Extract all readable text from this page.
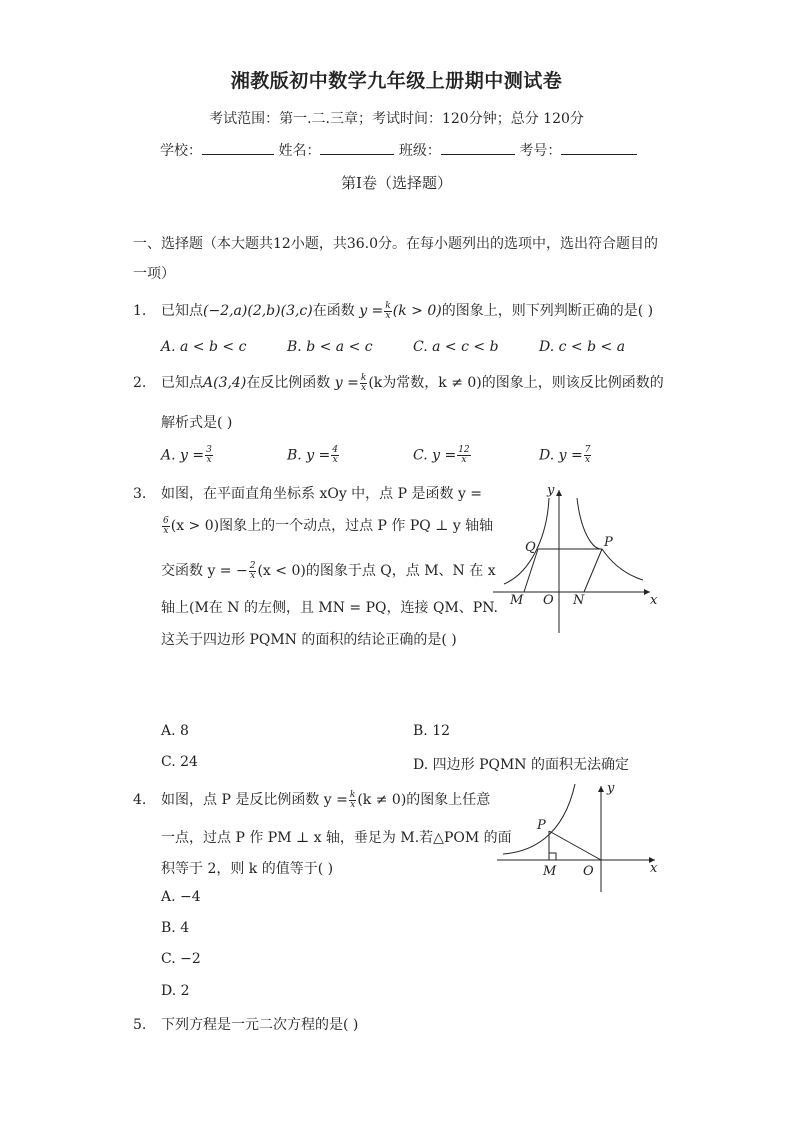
湘教版初中数学九年级上册期中测试卷
考试范围：第一.二.三章；考试时间：120分钟；总分 120分
学校：	姓名：	班级：	考号：
第Ⅰ卷（选择题）
一、选择题（本大题共12小题，共36.0分。在每小题列出的选项中，选出符合题目的
一项）
1. 已知点(−2,a)(2,b)(3,c)在函数 $y = \frac{k}{x} (k > 0)$的图象上，则下列判断正确的是( )
A. a < b < c	B. b < a < c	C. a < c < b	D. c < b < a
2. 已知点A(3,4)在反比例函数 $y = \frac{k}{x} (k$为常数，k ≠ 0)的图象上，则该反比例函数的
解析式是( )
A. $y = \frac{3}{x}$	B. $y = \frac{4}{x}$	C. $y = \frac{12}{x}$	D. $y = \frac{7}{x}$
3. 如图，在平面直角坐标系 xOy 中，点 P 是函数 y =
$\frac{6}{x} (x > 0)$图象上的一个动点，过点 P 作 PQ ⊥ y 轴轴
交函数 y = − $\frac{2}{x} (x < 0)$的图象于点 Q，点 M、N 在 x
轴上(M在 N 的左侧，且 MN = PQ，连接 QM、PN.
这关于四边形 PQMN 的面积的结论正确的是( )
y
x
Q	P
M O N
A. 8	B. 12
C. 24	D. 四边形 PQMN 的面积无法确定
4. 如图，点 P 是反比例函数 $y = \frac{k}{x} (k \ne 0)$的图象上任意
一点，过点 P 作 PM ⊥ x 轴，垂足为 M.若△POM 的面
积等于 2，则 k 的值等于( )
y
x
P
M O
A. −4
B. 4
C. −2
D. 2
5. 下列方程是一元二次方程的是( )
